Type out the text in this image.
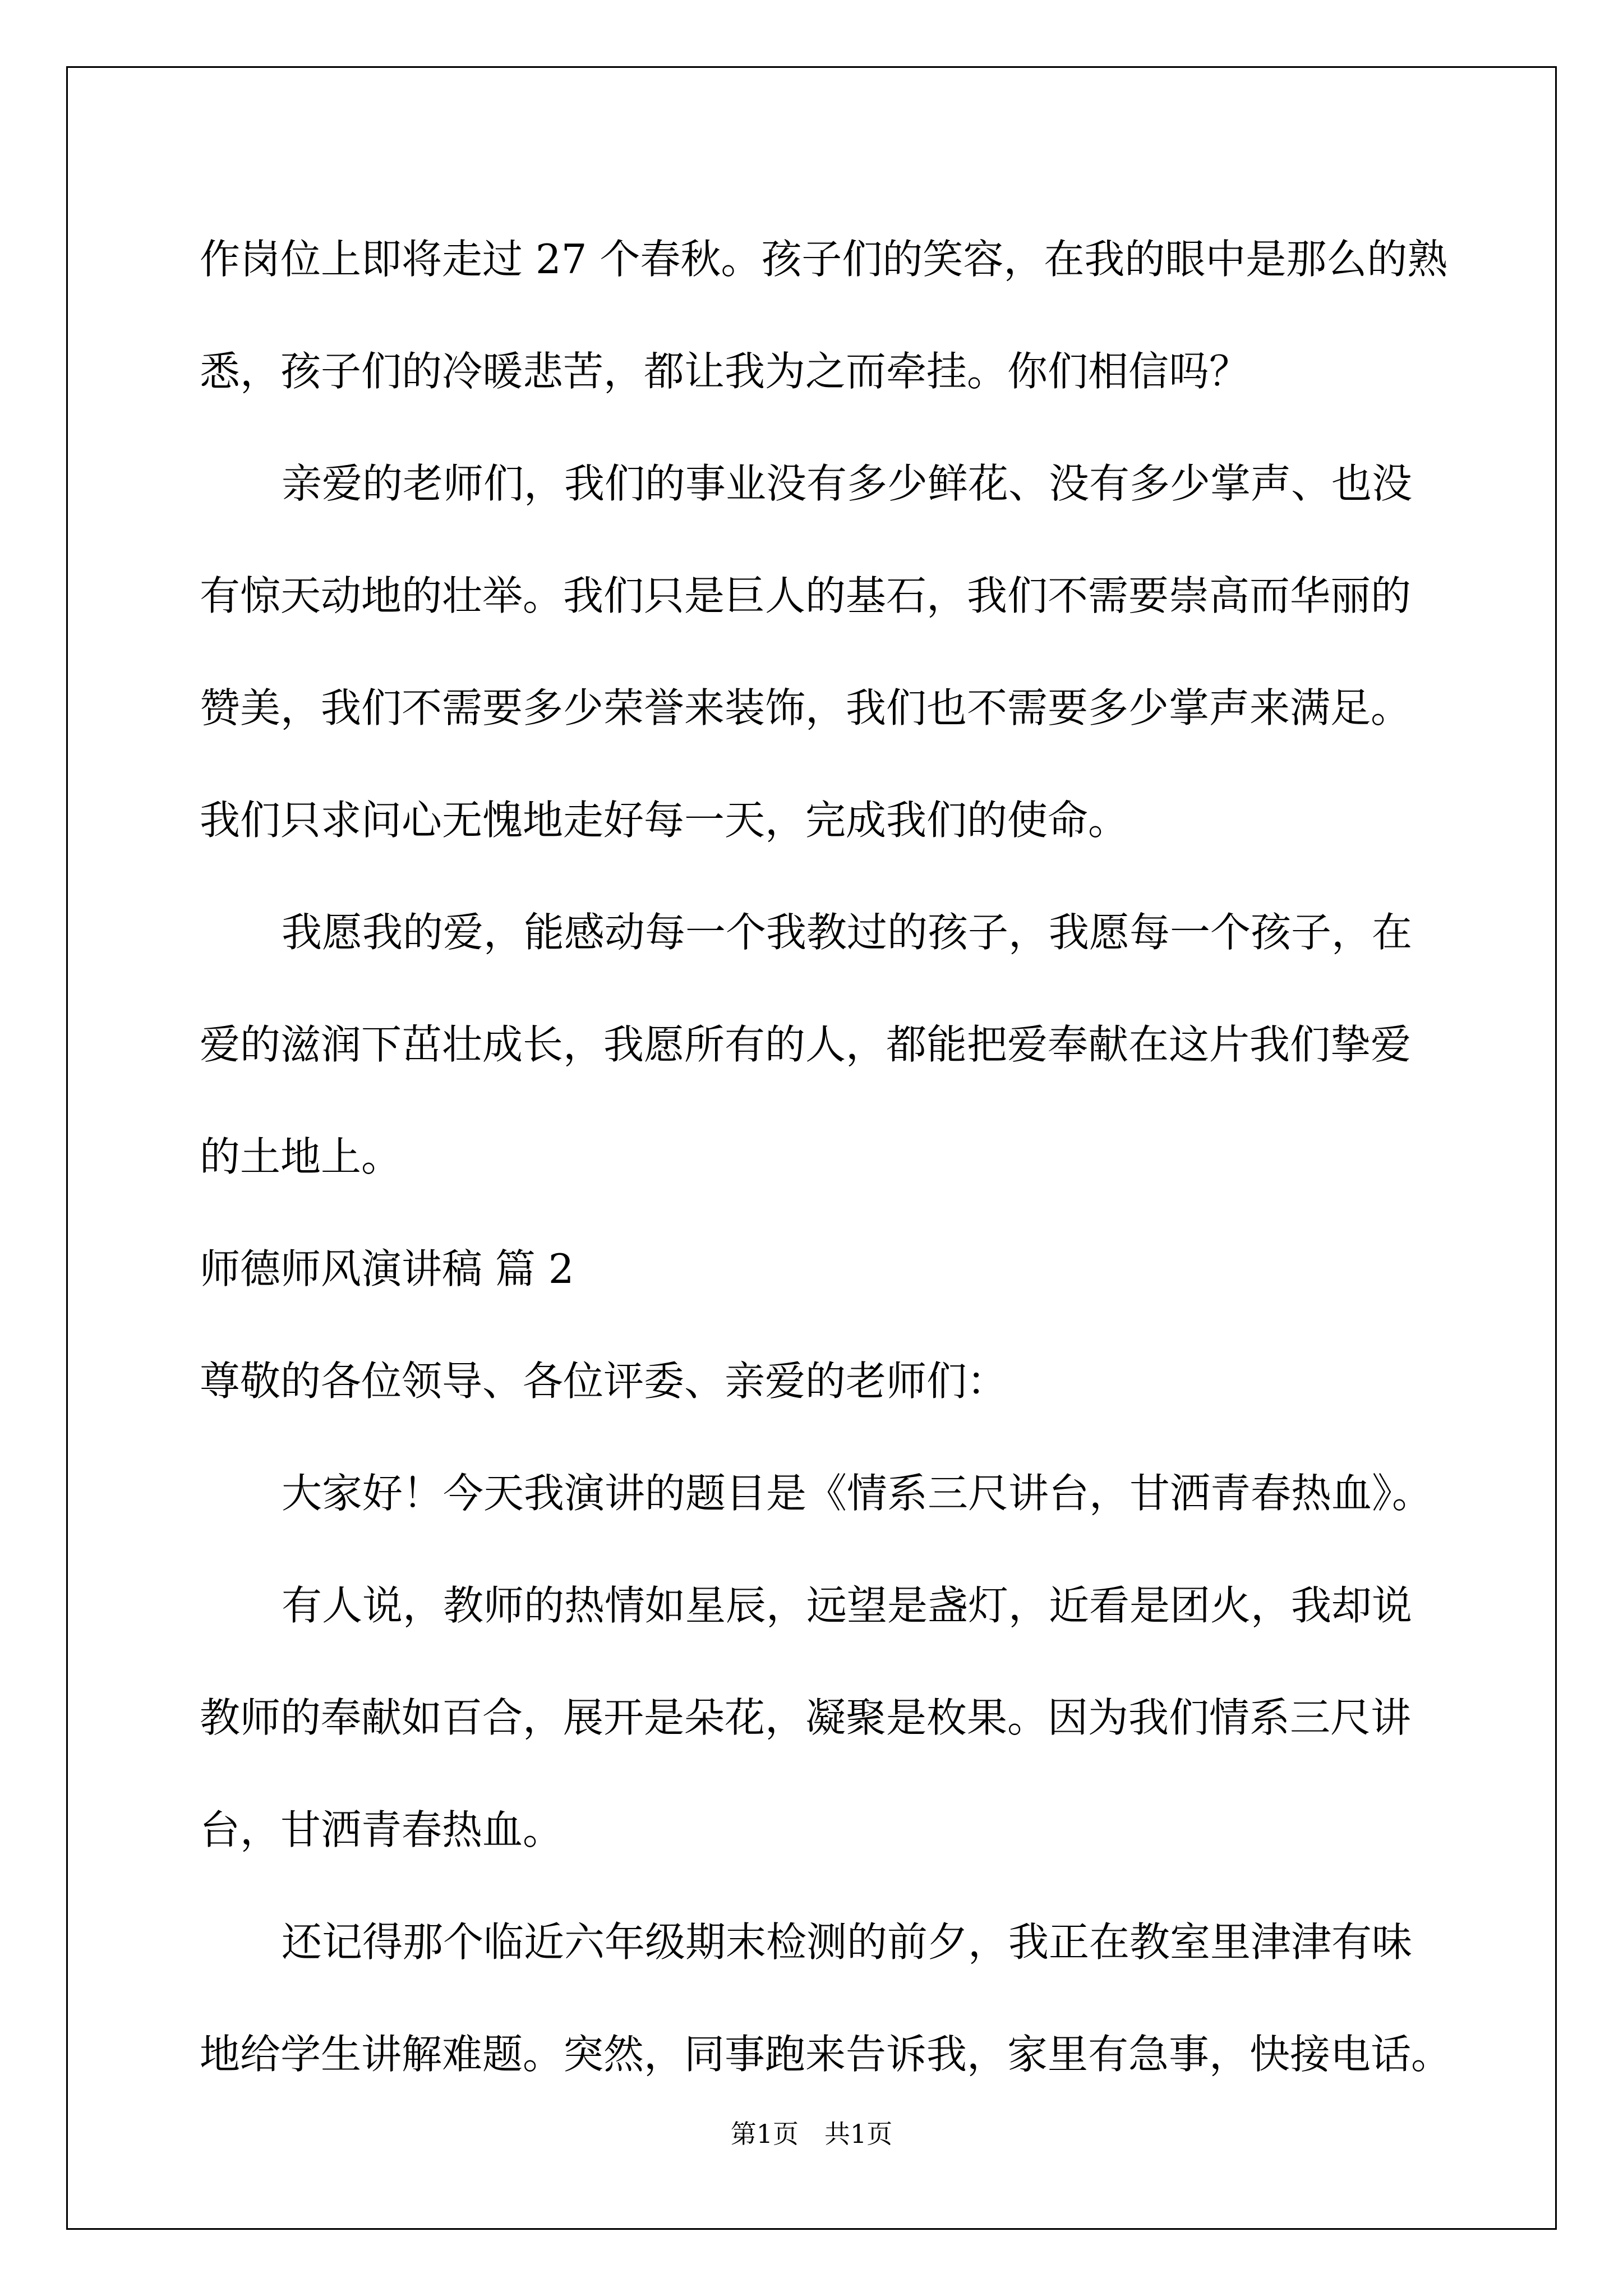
作岗位上即将走过 27 个春秋。孩子们的笑容，在我的眼中是那么的熟
悉，孩子们的冷暖悲苦，都让我为之而牵挂。你们相信吗？
亲爱的老师们，我们的事业没有多少鲜花、没有多少掌声、也没
有惊天动地的壮举。我们只是巨人的基石，我们不需要崇高而华丽的
赞美，我们不需要多少荣誉来装饰，我们也不需要多少掌声来满足。
我们只求问心无愧地走好每一天，完成我们的使命。
我愿我的爱，能感动每一个我教过的孩子，我愿每一个孩子，在
爱的滋润下茁壮成长，我愿所有的人，都能把爱奉献在这片我们挚爱
的土地上。
师德师风演讲稿 篇 2
尊敬的各位领导、各位评委、亲爱的老师们：
大家好！今天我演讲的题目是《情系三尺讲台，甘洒青春热血》。
有人说，教师的热情如星辰，远望是盏灯，近看是团火，我却说
教师的奉献如百合，展开是朵花，凝聚是枚果。因为我们情系三尺讲
台，甘洒青春热血。
还记得那个临近六年级期末检测的前夕，我正在教室里津津有味
地给学生讲解难题。突然，同事跑来告诉我，家里有急事，快接电话。
第1页　共1页
